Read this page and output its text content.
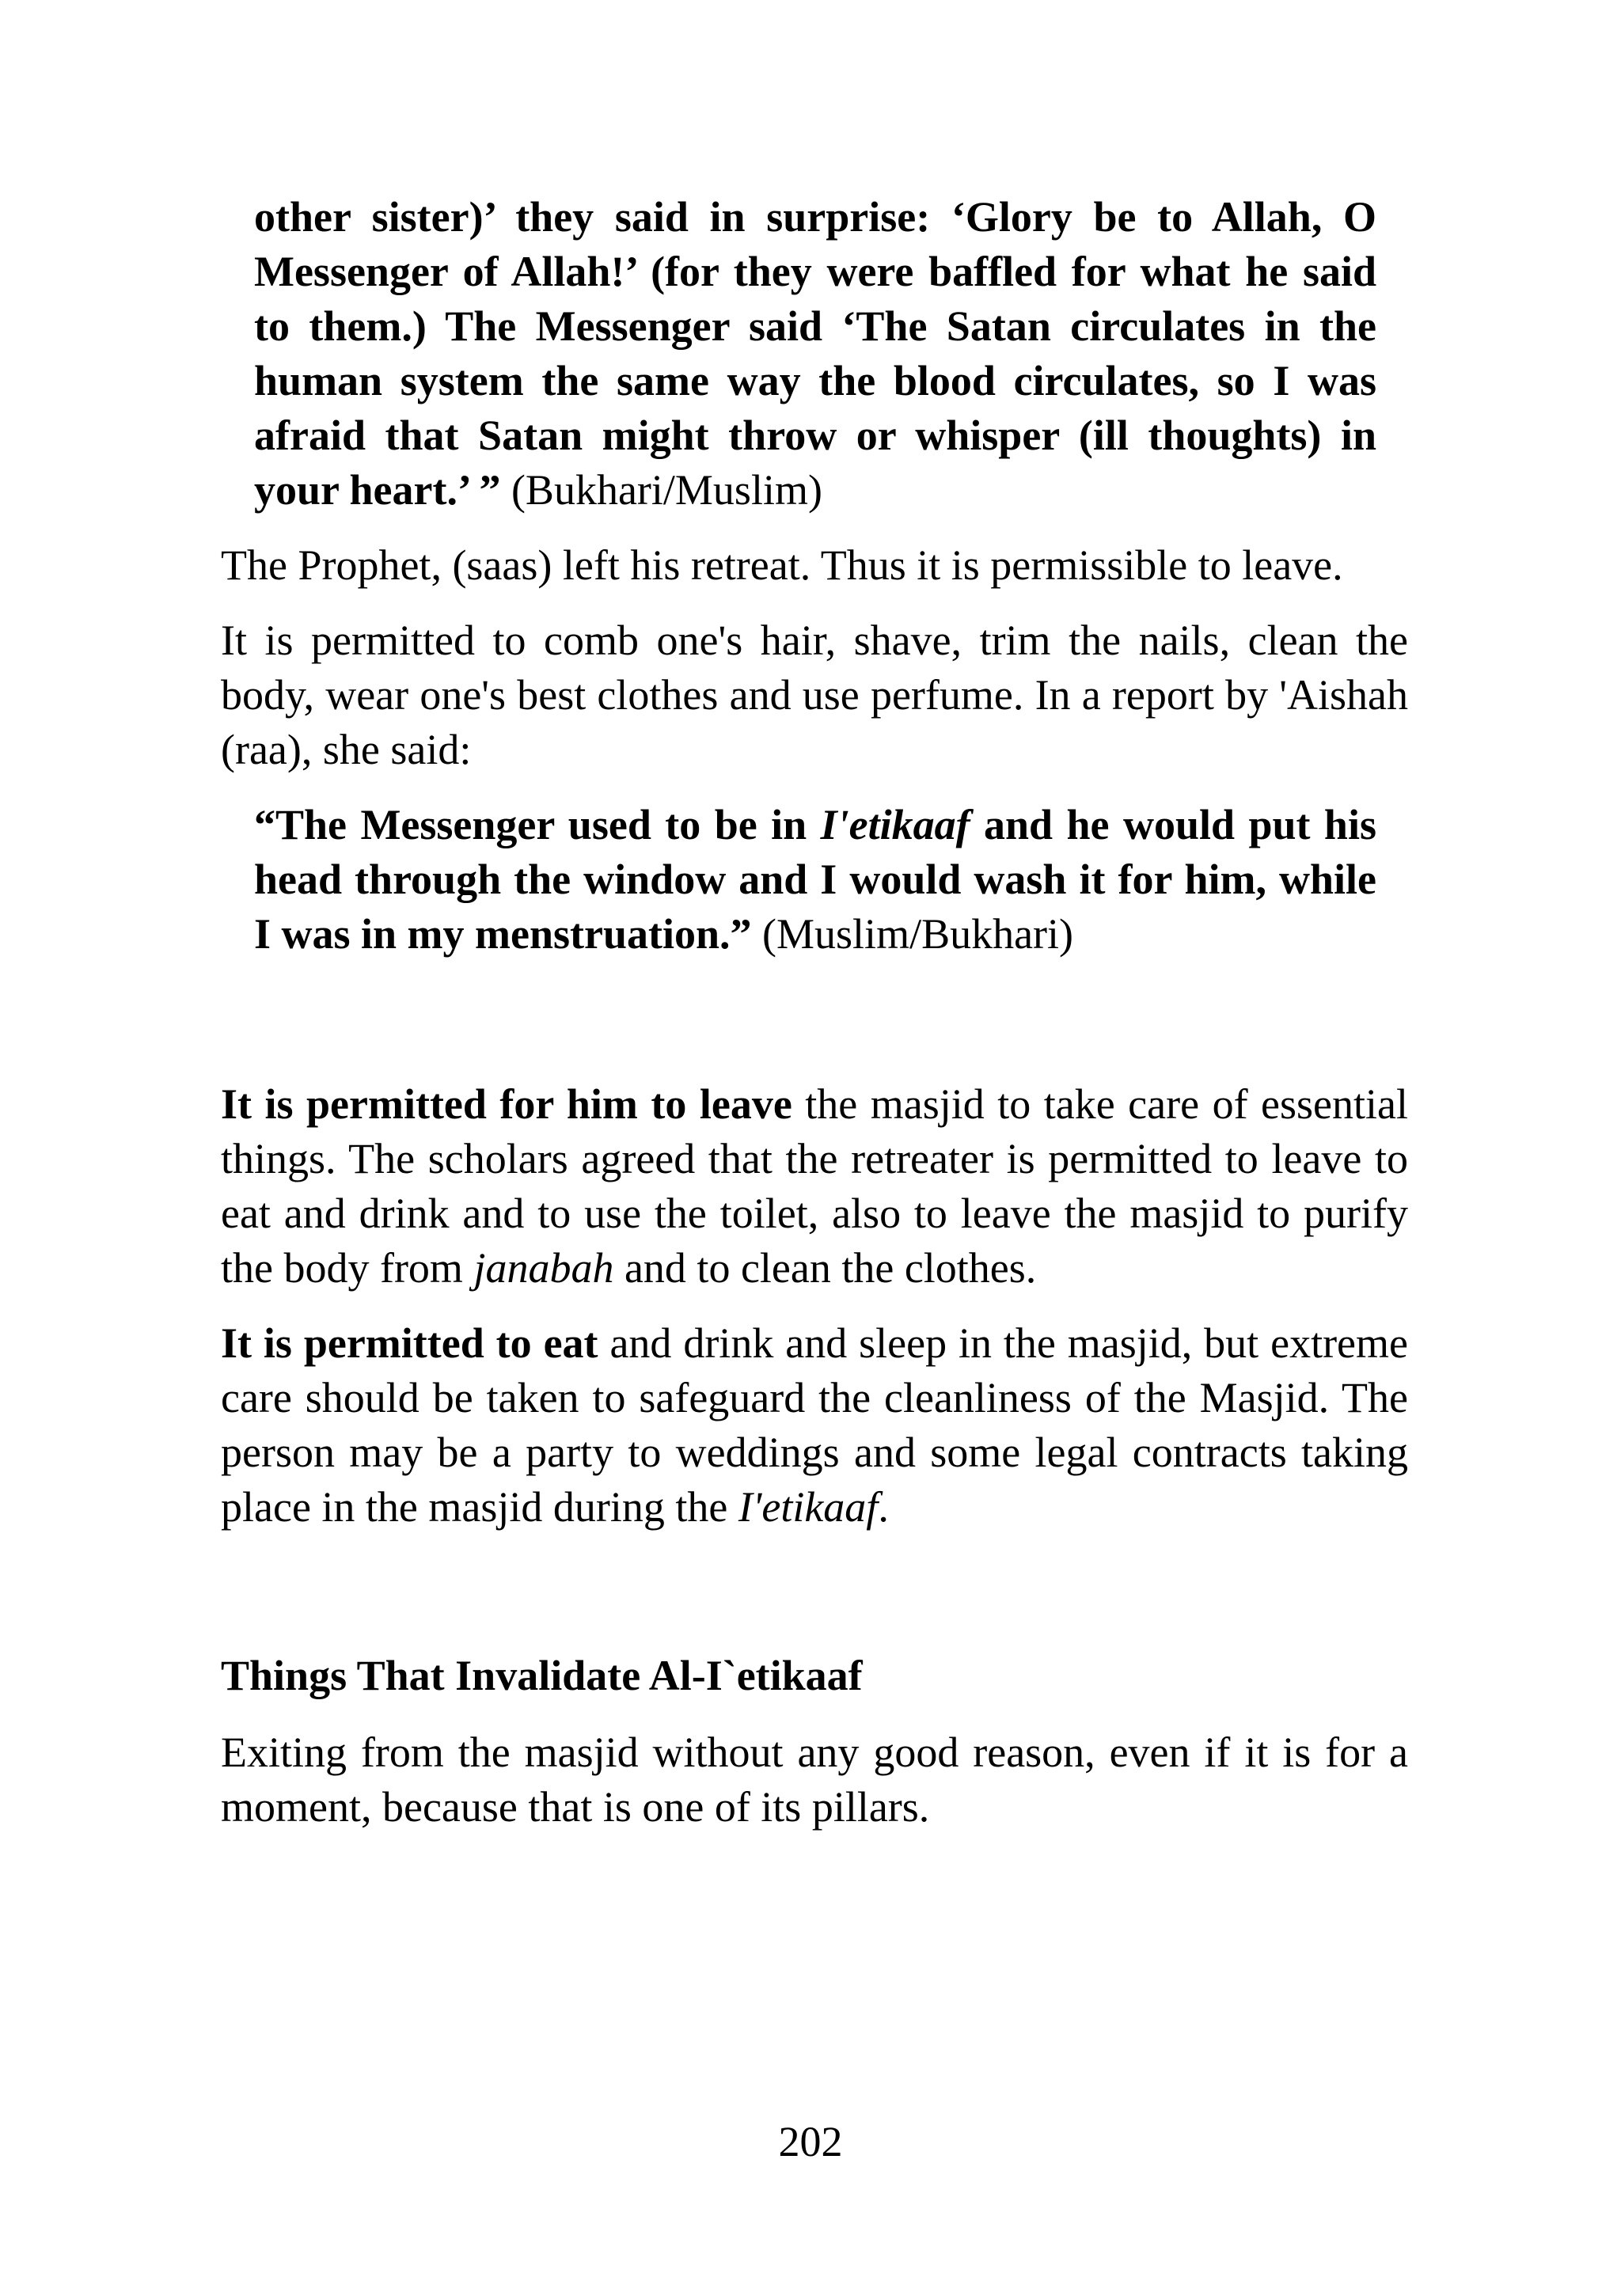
other sister)’ they said in surprise: ‘Glory be to Allah, O Messenger of Allah!’ (for they were baffled for what he said to them.) The Messenger said ‘The Satan circulates in the human system the same way the blood circulates, so I was afraid that Satan might throw or whisper (ill thoughts) in your heart.’ ” (Bukhari/Muslim)

The Prophet, (saas) left his retreat. Thus it is permissible to leave.

It is permitted to comb one's hair, shave, trim the nails, clean the body, wear one's best clothes and use perfume. In a report by 'Aishah (raa), she said:

“The Messenger used to be in I'etikaaf and he would put his head through the window and I would wash it for him, while I was in my menstruation.” (Muslim/Bukhari)

It is permitted for him to leave the masjid to take care of essential things. The scholars agreed that the retreater is permitted to leave to eat and drink and to use the toilet, also to leave the masjid to purify the body from janabah and to clean the clothes.

It is permitted to eat and drink and sleep in the masjid, but extreme care should be taken to safeguard the cleanliness of the Masjid. The person may be a party to weddings and some legal contracts taking place in the masjid during the I'etikaaf.

Things That Invalidate Al-I`etikaaf

Exiting from the masjid without any good reason, even if it is for a moment, because that is one of its pillars.

202
